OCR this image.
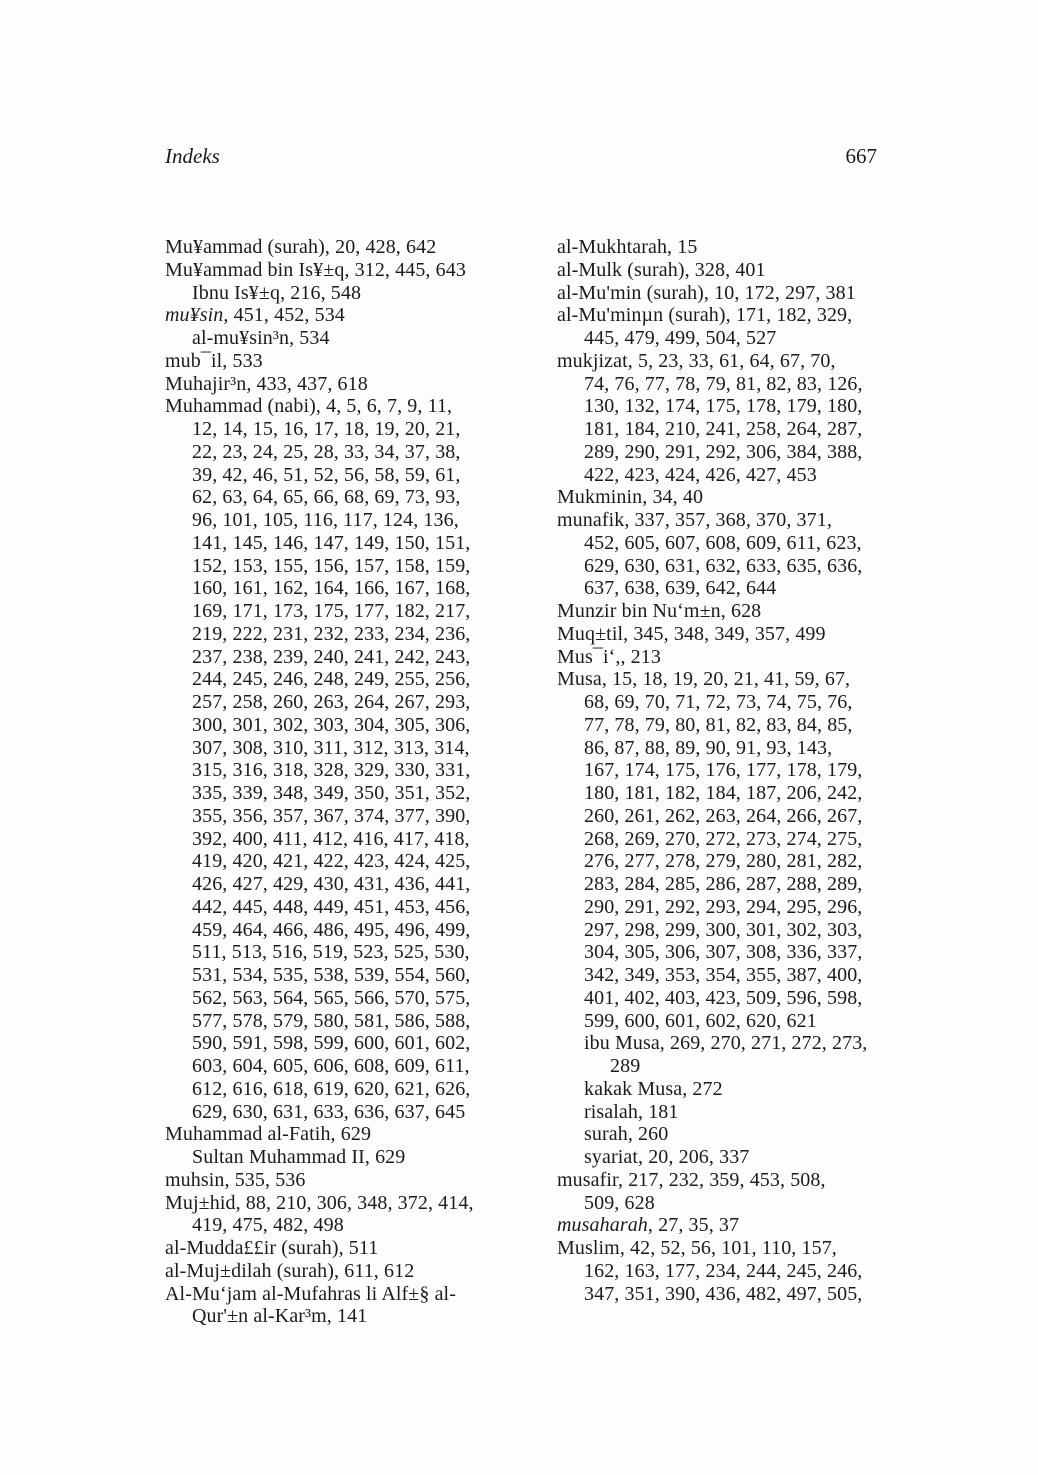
Indeks	667
Mu¥ammad (surah), 20, 428, 642
Mu¥ammad bin Is¥±q, 312, 445, 643
Ibnu Is¥±q, 216, 548
mu¥sin, 451, 452, 534
al-mu¥sin³n, 534
mub¯il, 533
Muhajir³n, 433, 437, 618
Muhammad (nabi), 4, 5, 6, 7, 9, 11,
12, 14, 15, 16, 17, 18, 19, 20, 21,
22, 23, 24, 25, 28, 33, 34, 37, 38,
39, 42, 46, 51, 52, 56, 58, 59, 61,
62, 63, 64, 65, 66, 68, 69, 73, 93,
96, 101, 105, 116, 117, 124, 136,
141, 145, 146, 147, 149, 150, 151,
152, 153, 155, 156, 157, 158, 159,
160, 161, 162, 164, 166, 167, 168,
169, 171, 173, 175, 177, 182, 217,
219, 222, 231, 232, 233, 234, 236,
237, 238, 239, 240, 241, 242, 243,
244, 245, 246, 248, 249, 255, 256,
257, 258, 260, 263, 264, 267, 293,
300, 301, 302, 303, 304, 305, 306,
307, 308, 310, 311, 312, 313, 314,
315, 316, 318, 328, 329, 330, 331,
335, 339, 348, 349, 350, 351, 352,
355, 356, 357, 367, 374, 377, 390,
392, 400, 411, 412, 416, 417, 418,
419, 420, 421, 422, 423, 424, 425,
426, 427, 429, 430, 431, 436, 441,
442, 445, 448, 449, 451, 453, 456,
459, 464, 466, 486, 495, 496, 499,
511, 513, 516, 519, 523, 525, 530,
531, 534, 535, 538, 539, 554, 560,
562, 563, 564, 565, 566, 570, 575,
577, 578, 579, 580, 581, 586, 588,
590, 591, 598, 599, 600, 601, 602,
603, 604, 605, 606, 608, 609, 611,
612, 616, 618, 619, 620, 621, 626,
629, 630, 631, 633, 636, 637, 645
Muhammad al-Fatih, 629
Sultan Muhammad II, 629
muhsin, 535, 536
Muj±hid, 88, 210, 306, 348, 372, 414,
419, 475, 482, 498
al-Mudda££ir (surah), 511
al-Muj±dilah (surah), 611, 612
Al-Mu‘jam al-Mufahras li Alf±§ al-
Qur'±n al-Kar³m, 141
al-Mukhtarah, 15
al-Mulk (surah), 328, 401
al-Mu'min (surah), 10, 172, 297, 381
al-Mu'minµn (surah), 171, 182, 329,
445, 479, 499, 504, 527
mukjizat, 5, 23, 33, 61, 64, 67, 70,
74, 76, 77, 78, 79, 81, 82, 83, 126,
130, 132, 174, 175, 178, 179, 180,
181, 184, 210, 241, 258, 264, 287,
289, 290, 291, 292, 306, 384, 388,
422, 423, 424, 426, 427, 453
Mukminin, 34, 40
munafik, 337, 357, 368, 370, 371,
452, 605, 607, 608, 609, 611, 623,
629, 630, 631, 632, 633, 635, 636,
637, 638, 639, 642, 644
Munzir bin Nu‘m±n, 628
Muq±til, 345, 348, 349, 357, 499
Mus¯i‘,, 213
Musa, 15, 18, 19, 20, 21, 41, 59, 67,
68, 69, 70, 71, 72, 73, 74, 75, 76,
77, 78, 79, 80, 81, 82, 83, 84, 85,
86, 87, 88, 89, 90, 91, 93, 143,
167, 174, 175, 176, 177, 178, 179,
180, 181, 182, 184, 187, 206, 242,
260, 261, 262, 263, 264, 266, 267,
268, 269, 270, 272, 273, 274, 275,
276, 277, 278, 279, 280, 281, 282,
283, 284, 285, 286, 287, 288, 289,
290, 291, 292, 293, 294, 295, 296,
297, 298, 299, 300, 301, 302, 303,
304, 305, 306, 307, 308, 336, 337,
342, 349, 353, 354, 355, 387, 400,
401, 402, 403, 423, 509, 596, 598,
599, 600, 601, 602, 620, 621
ibu Musa, 269, 270, 271, 272, 273,
289
kakak Musa, 272
risalah, 181
surah, 260
syariat, 20, 206, 337
musafir, 217, 232, 359, 453, 508,
509, 628
musaharah, 27, 35, 37
Muslim, 42, 52, 56, 101, 110, 157,
162, 163, 177, 234, 244, 245, 246,
347, 351, 390, 436, 482, 497, 505,
